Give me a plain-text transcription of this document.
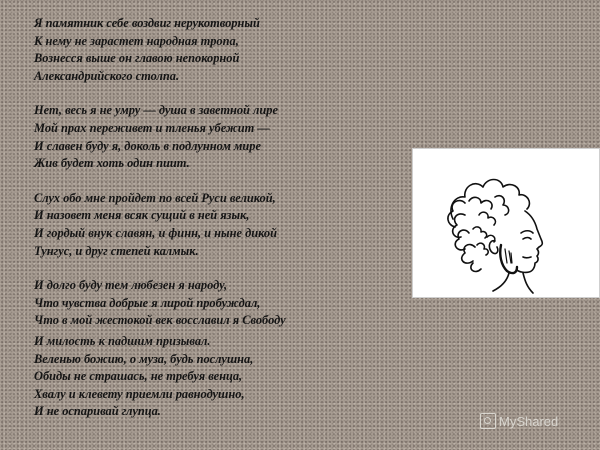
Я памятник себе воздвиг нерукотворный
К нему не зарастет народная тропа,
Вознесся выше он главою непокорной
Александрийского столпа.

Нет, весь я не умру — душа в заветной лире
Мой прах переживет и тленья убежит —
И славен буду я, доколь в подлунном мире
Жив будет хоть один пиит.

Слух обо мне пройдет по всей Руси великой,
И назовет меня всяк сущий в ней язык,
И гордый внук славян, и финн, и ныне дикой
Тунгус, и друг степей калмык.

И долго буду тем любезен я народу,
Что чувства добрые я лирой пробуждал,
Что в мой жестокой век восславил я Свободу

И милость к падшим призывал.
Веленью божию, о муза, будь послушна,
Обиды не страшась, не требуя венца,
Хвалу и клевету приемли равнодушно,
И не оспаривай глупца.

MyShared
